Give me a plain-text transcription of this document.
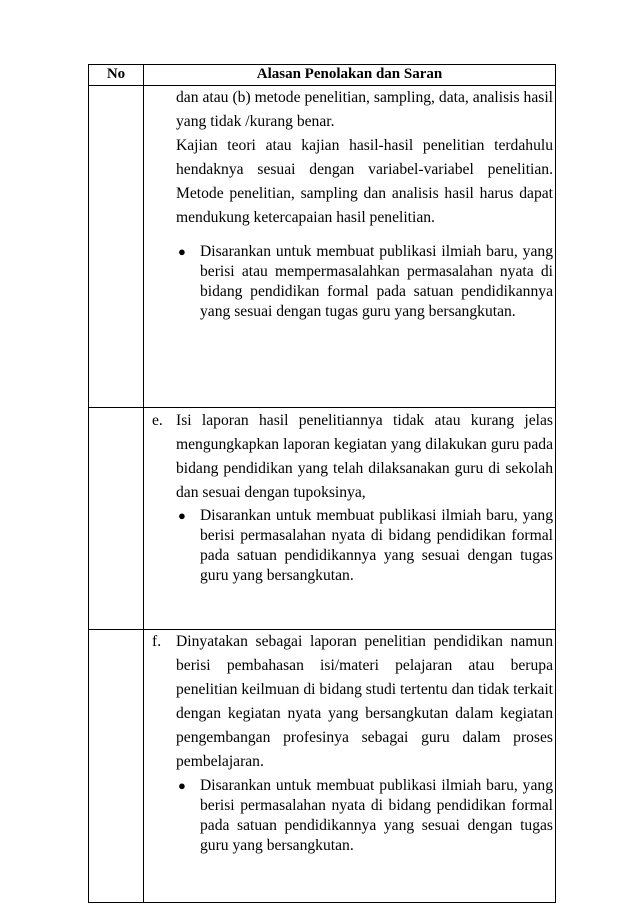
No	Alasan Penolakan dan Saran

	dan atau (b) metode penelitian, sampling, data, analisis hasil yang tidak /kurang benar.

Kajian teori atau kajian hasil-hasil penelitian terdahulu hendaknya sesuai dengan variabel-variabel penelitian. Metode penelitian, sampling dan analisis hasil harus dapat mendukung ketercapaian hasil penelitian.

● Disarankan untuk membuat publikasi ilmiah baru, yang berisi atau mempermasalahkan permasalahan nyata di bidang pendidikan formal pada satuan pendidikannya yang sesuai dengan tugas guru yang bersangkutan.

	e. Isi laporan hasil penelitiannya tidak atau kurang jelas mengungkapkan laporan kegiatan yang dilakukan guru pada bidang pendidikan yang telah dilaksanakan guru di sekolah dan sesuai dengan tupoksinya,
● Disarankan untuk membuat publikasi ilmiah baru, yang berisi permasalahan nyata di bidang pendidikan formal pada satuan pendidikannya yang sesuai dengan tugas guru yang bersangkutan.

	f. Dinyatakan sebagai laporan penelitian pendidikan namun berisi pembahasan isi/materi pelajaran atau berupa penelitian keilmuan di bidang studi tertentu dan tidak terkait dengan kegiatan nyata yang bersangkutan dalam kegiatan pengembangan profesinya sebagai guru dalam proses pembelajaran.
● Disarankan untuk membuat publikasi ilmiah baru, yang berisi permasalahan nyata di bidang pendidikan formal pada satuan pendidikannya yang sesuai dengan tugas guru yang bersangkutan.
